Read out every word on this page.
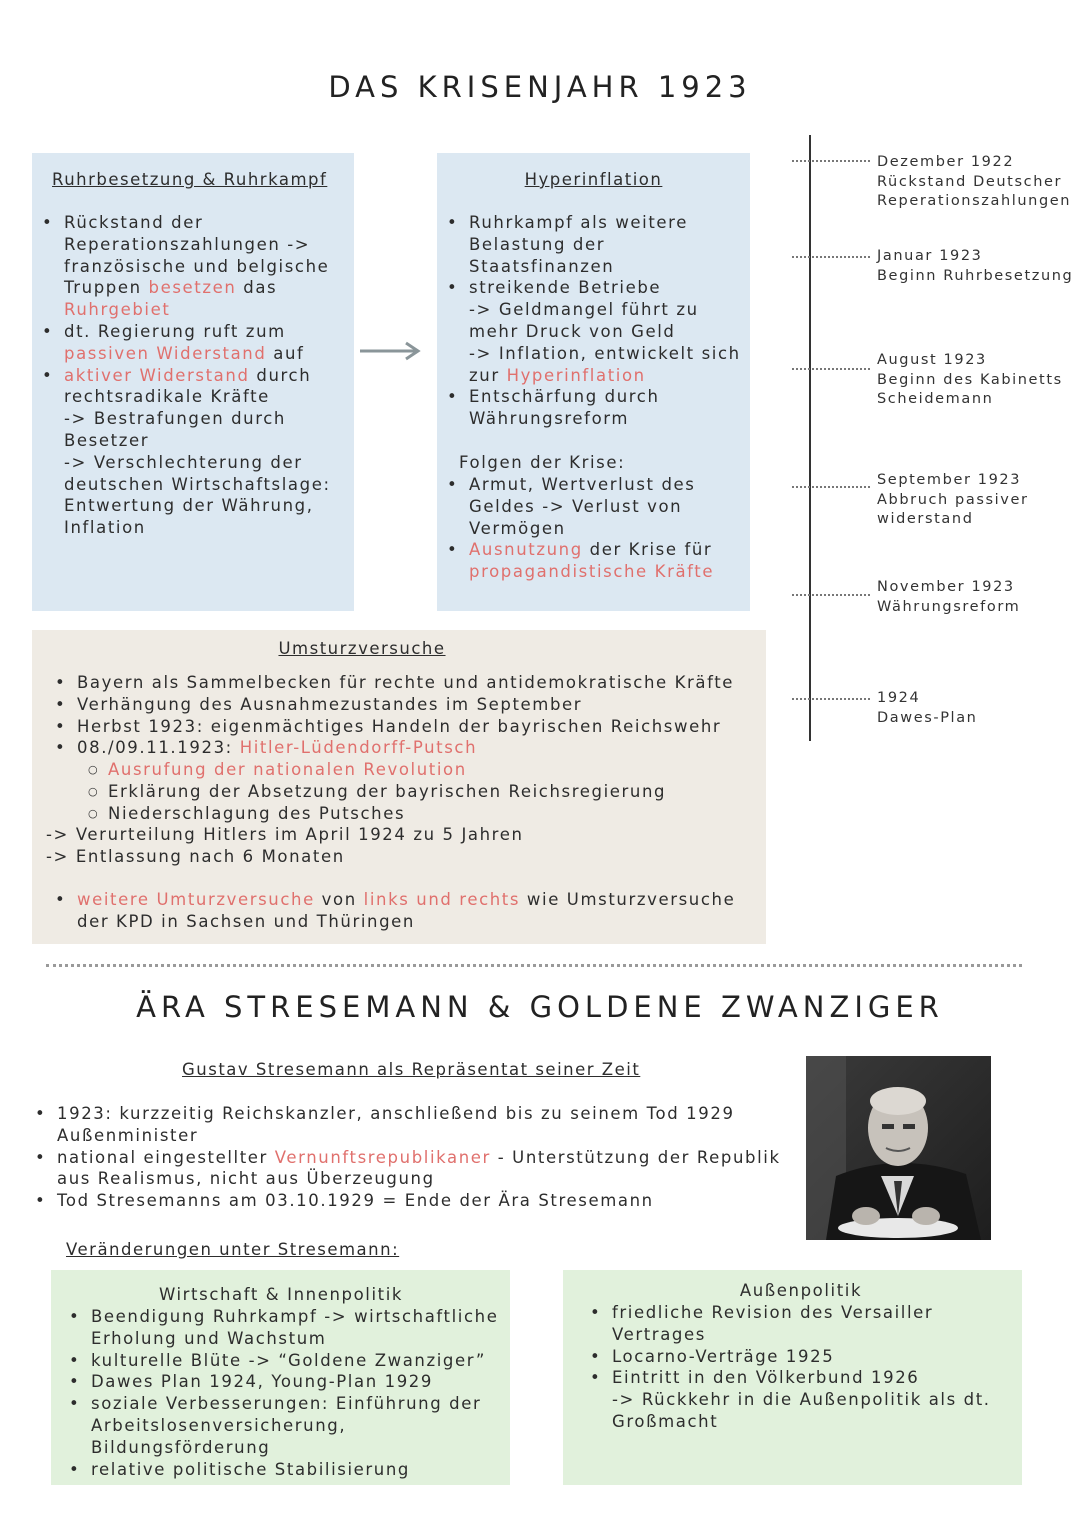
DAS KRISENJAHR 1923
Ruhrbesetzung & Ruhrkampf
• Rückstand der Reperationszahlungen -> französische und belgische Truppen besetzen das Ruhrgebiet
• dt. Regierung ruft zum passiven Widerstand auf
• aktiver Widerstand durch rechtsradikale Kräfte
-> Bestrafungen durch Besetzer
-> Verschlechterung der deutschen Wirtschaftslage: Entwertung der Währung, Inflation
Hyperinflation
• Ruhrkampf als weitere Belastung der Staatsfinanzen
• streikende Betriebe
-> Geldmangel führt zu mehr Druck von Geld
-> Inflation, entwickelt sich zur Hyperinflation
• Entschärfung durch Währungsreform
Folgen der Krise:
• Armut, Wertverlust des Geldes -> Verlust von Vermögen
• Ausnutzung der Krise für propagandistische Kräfte
Umsturzversuche
• Bayern als Sammelbecken für rechte und antidemokratische Kräfte
• Verhängung des Ausnahmezustandes im September
• Herbst 1923: eigenmächtiges Handeln der bayrischen Reichswehr
• 08./09.11.1923: Hitler-Lüdendorff-Putsch
○ Ausrufung der nationalen Revolution
○ Erklärung der Absetzung der bayrischen Reichsregierung
○ Niederschlagung des Putsches
-> Verurteilung Hitlers im April 1924 zu 5 Jahren
-> Entlassung nach 6 Monaten
• weitere Umturzversuche von links und rechts wie Umsturzversuche der KPD in Sachsen und Thüringen
Dezember 1922
Rückstand Deutscher Reperationszahlungen
Januar 1923
Beginn Ruhrbesetzung
August 1923
Beginn des Kabinetts Scheidemann
September 1923
Abbruch passiver widerstand
November 1923
Währungsreform
1924
Dawes-Plan
ÄRA STRESEMANN & GOLDENE ZWANZIGER
Gustav Stresemann als Repräsentat seiner Zeit
• 1923: kurzzeitig Reichskanzler, anschließend bis zu seinem Tod 1929 Außenminister
• national eingestellter Vernunftsrepublikaner - Unterstützung der Republik aus Realismus, nicht aus Überzeugung
• Tod Stresemanns am 03.10.1929 = Ende der Ära Stresemann
Veränderungen unter Stresemann:
Wirtschaft & Innenpolitik
• Beendigung Ruhrkampf -> wirtschaftliche Erholung und Wachstum
• kulturelle Blüte -> “Goldene Zwanziger”
• Dawes Plan 1924, Young-Plan 1929
• soziale Verbesserungen: Einführung der Arbeitslosenversicherung, Bildungsförderung
• relative politische Stabilisierung
Außenpolitik
• friedliche Revision des Versailler Vertrages
• Locarno-Verträge 1925
• Eintritt in den Völkerbund 1926
-> Rückkehr in die Außenpolitik als dt. Großmacht
